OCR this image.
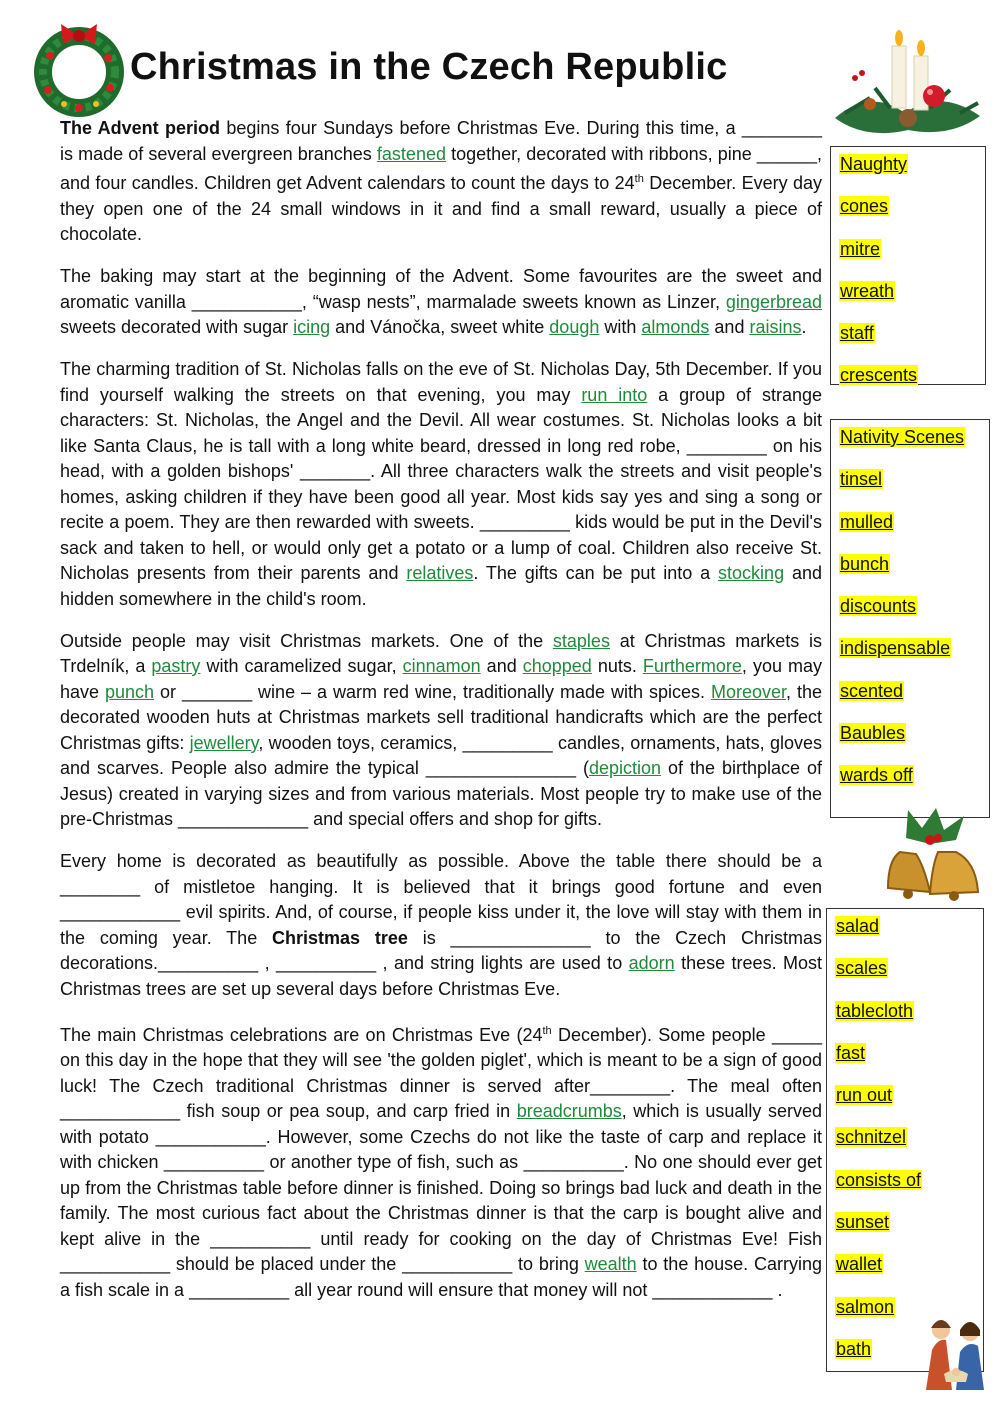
Christmas in the Czech Republic

The Advent period begins four Sundays before Christmas Eve. During this time, a ________ is made of several evergreen branches fastened together, decorated with ribbons, pine ______, and four candles. Children get Advent calendars to count the days to 24th December. Every day they open one of the 24 small windows in it and find a small reward, usually a piece of chocolate.

The baking may start at the beginning of the Advent. Some favourites are the sweet and aromatic vanilla ___________, “wasp nests”, marmalade sweets known as Linzer, gingerbread sweets decorated with sugar icing and Vánočka, sweet white dough with almonds and raisins.

The charming tradition of St. Nicholas falls on the eve of St. Nicholas Day, 5th December. If you find yourself walking the streets on that evening, you may run into a group of strange characters: St. Nicholas, the Angel and the Devil. All wear costumes. St. Nicholas looks a bit like Santa Claus, he is tall with a long white beard, dressed in long red robe, ________ on his head, with a golden bishops' _______. All three characters walk the streets and visit people's homes, asking children if they have been good all year. Most kids say yes and sing a song or recite a poem. They are then rewarded with sweets. _________ kids would be put in the Devil's sack and taken to hell, or would only get a potato or a lump of coal. Children also receive St. Nicholas presents from their parents and relatives. The gifts can be put into a stocking and hidden somewhere in the child's room.

Outside people may visit Christmas markets. One of the staples at Christmas markets is Trdelník, a pastry with caramelized sugar, cinnamon and chopped nuts. Furthermore, you may have punch or _______ wine – a warm red wine, traditionally made with spices. Moreover, the decorated wooden huts at Christmas markets sell traditional handicrafts which are the perfect Christmas gifts: jewellery, wooden toys, ceramics, _________ candles, ornaments, hats, gloves and scarves. People also admire the typical _______________ (depiction of the birthplace of Jesus) created in varying sizes and from various materials. Most people try to make use of the pre-Christmas _____________ and special offers and shop for gifts.

Every home is decorated as beautifully as possible. Above the table there should be a ________ of mistletoe hanging. It is believed that it brings good fortune and even ____________ evil spirits. And, of course, if people kiss under it, the love will stay with them in the coming year. The Christmas tree is ______________ to the Czech Christmas decorations.__________ , __________ , and string lights are used to adorn these trees. Most Christmas trees are set up several days before Christmas Eve.

The main Christmas celebrations are on Christmas Eve (24th December). Some people _____ on this day in the hope that they will see 'the golden piglet', which is meant to be a sign of good luck! The Czech traditional Christmas dinner is served after________. The meal often ____________ fish soup or pea soup, and carp fried in breadcrumbs, which is usually served with potato ___________. However, some Czechs do not like the taste of carp and replace it with chicken __________ or another type of fish, such as __________. No one should ever get up from the Christmas table before dinner is finished. Doing so brings bad luck and death in the family. The most curious fact about the Christmas dinner is that the carp is bought alive and kept alive in the __________ until ready for cooking on the day of Christmas Eve! Fish ___________ should be placed under the ___________ to bring wealth to the house. Carrying a fish scale in a __________ all year round will ensure that money will not ____________ .

Naughty
cones
mitre
wreath
staff
crescents
Nativity Scenes
tinsel
mulled
bunch
discounts
indispensable
scented
Baubles
wards off
salad
scales
tablecloth
fast
run out
schnitzel
consists of
sunset
wallet
salmon
bath
